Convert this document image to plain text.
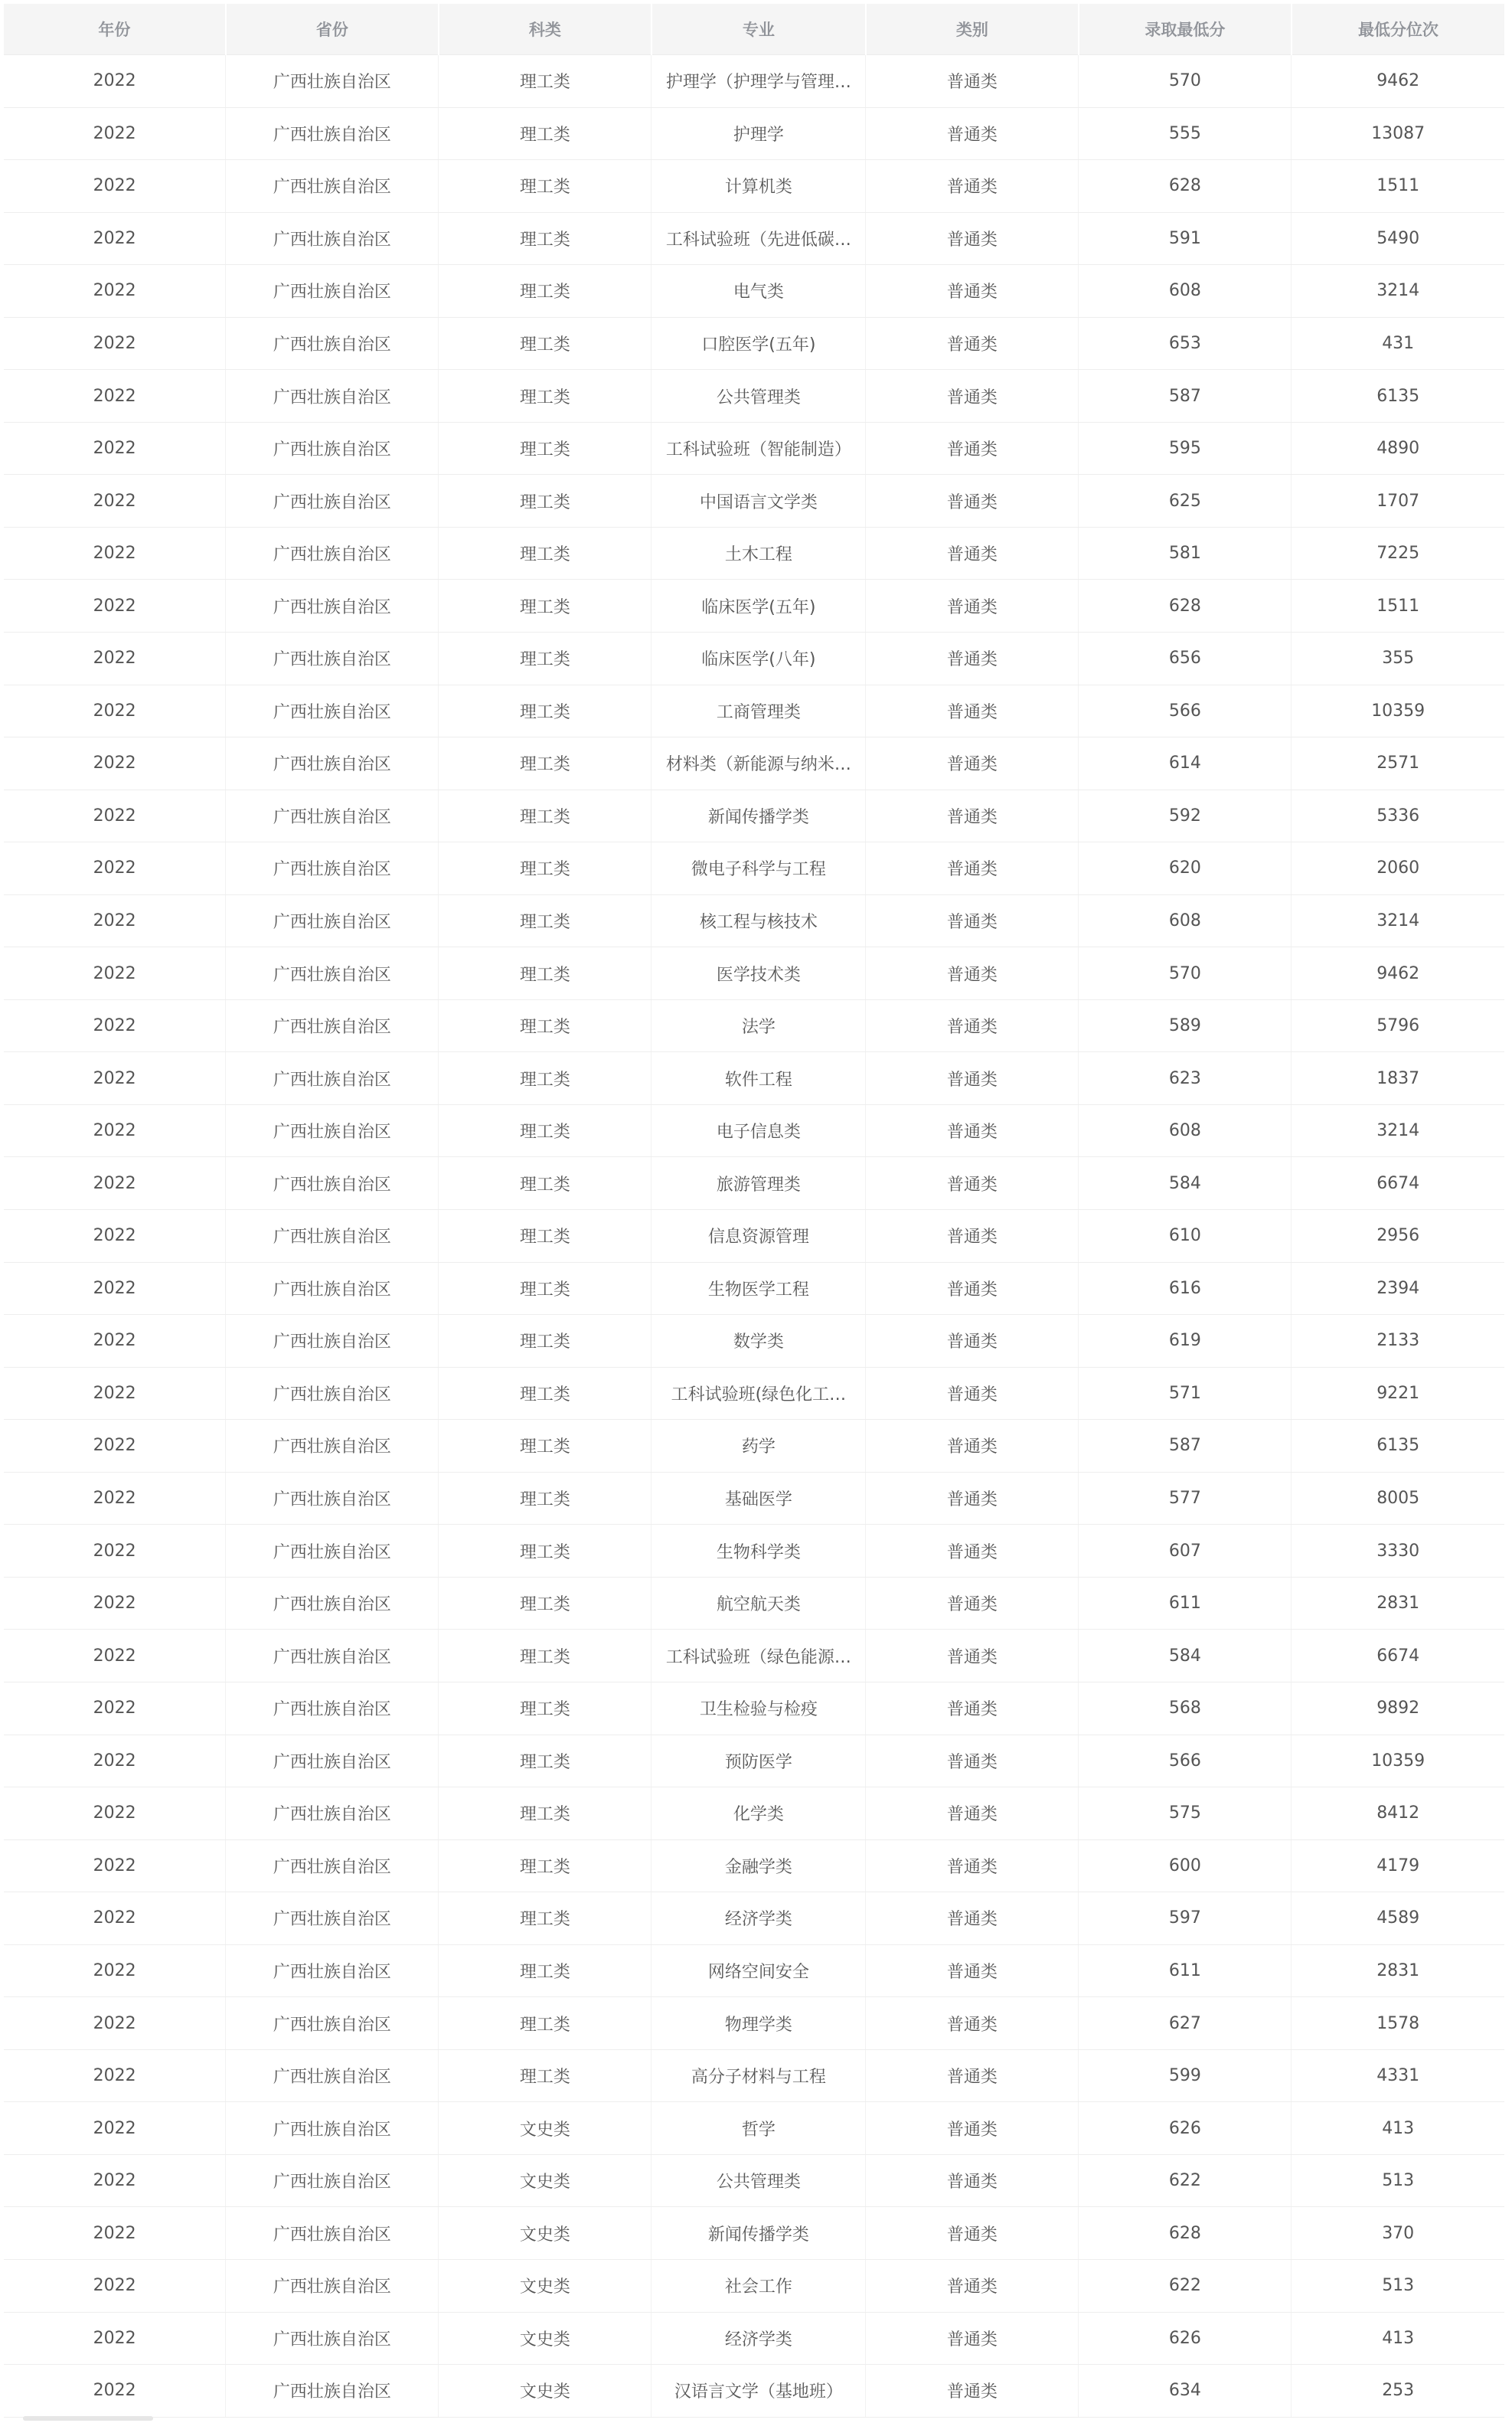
年份	省份	科类	专业	类别	录取最低分	最低分位次
2022	广西壮族自治区	理工类	护理学（护理学与管理…	普通类	570	9462
2022	广西壮族自治区	理工类	护理学	普通类	555	13087
2022	广西壮族自治区	理工类	计算机类	普通类	628	1511
2022	广西壮族自治区	理工类	工科试验班（先进低碳…	普通类	591	5490
2022	广西壮族自治区	理工类	电气类	普通类	608	3214
2022	广西壮族自治区	理工类	口腔医学(五年)	普通类	653	431
2022	广西壮族自治区	理工类	公共管理类	普通类	587	6135
2022	广西壮族自治区	理工类	工科试验班（智能制造）	普通类	595	4890
2022	广西壮族自治区	理工类	中国语言文学类	普通类	625	1707
2022	广西壮族自治区	理工类	土木工程	普通类	581	7225
2022	广西壮族自治区	理工类	临床医学(五年)	普通类	628	1511
2022	广西壮族自治区	理工类	临床医学(八年)	普通类	656	355
2022	广西壮族自治区	理工类	工商管理类	普通类	566	10359
2022	广西壮族自治区	理工类	材料类（新能源与纳米…	普通类	614	2571
2022	广西壮族自治区	理工类	新闻传播学类	普通类	592	5336
2022	广西壮族自治区	理工类	微电子科学与工程	普通类	620	2060
2022	广西壮族自治区	理工类	核工程与核技术	普通类	608	3214
2022	广西壮族自治区	理工类	医学技术类	普通类	570	9462
2022	广西壮族自治区	理工类	法学	普通类	589	5796
2022	广西壮族自治区	理工类	软件工程	普通类	623	1837
2022	广西壮族自治区	理工类	电子信息类	普通类	608	3214
2022	广西壮族自治区	理工类	旅游管理类	普通类	584	6674
2022	广西壮族自治区	理工类	信息资源管理	普通类	610	2956
2022	广西壮族自治区	理工类	生物医学工程	普通类	616	2394
2022	广西壮族自治区	理工类	数学类	普通类	619	2133
2022	广西壮族自治区	理工类	工科试验班(绿色化工…	普通类	571	9221
2022	广西壮族自治区	理工类	药学	普通类	587	6135
2022	广西壮族自治区	理工类	基础医学	普通类	577	8005
2022	广西壮族自治区	理工类	生物科学类	普通类	607	3330
2022	广西壮族自治区	理工类	航空航天类	普通类	611	2831
2022	广西壮族自治区	理工类	工科试验班（绿色能源…	普通类	584	6674
2022	广西壮族自治区	理工类	卫生检验与检疫	普通类	568	9892
2022	广西壮族自治区	理工类	预防医学	普通类	566	10359
2022	广西壮族自治区	理工类	化学类	普通类	575	8412
2022	广西壮族自治区	理工类	金融学类	普通类	600	4179
2022	广西壮族自治区	理工类	经济学类	普通类	597	4589
2022	广西壮族自治区	理工类	网络空间安全	普通类	611	2831
2022	广西壮族自治区	理工类	物理学类	普通类	627	1578
2022	广西壮族自治区	理工类	高分子材料与工程	普通类	599	4331
2022	广西壮族自治区	文史类	哲学	普通类	626	413
2022	广西壮族自治区	文史类	公共管理类	普通类	622	513
2022	广西壮族自治区	文史类	新闻传播学类	普通类	628	370
2022	广西壮族自治区	文史类	社会工作	普通类	622	513
2022	广西壮族自治区	文史类	经济学类	普通类	626	413
2022	广西壮族自治区	文史类	汉语言文学（基地班）	普通类	634	253
